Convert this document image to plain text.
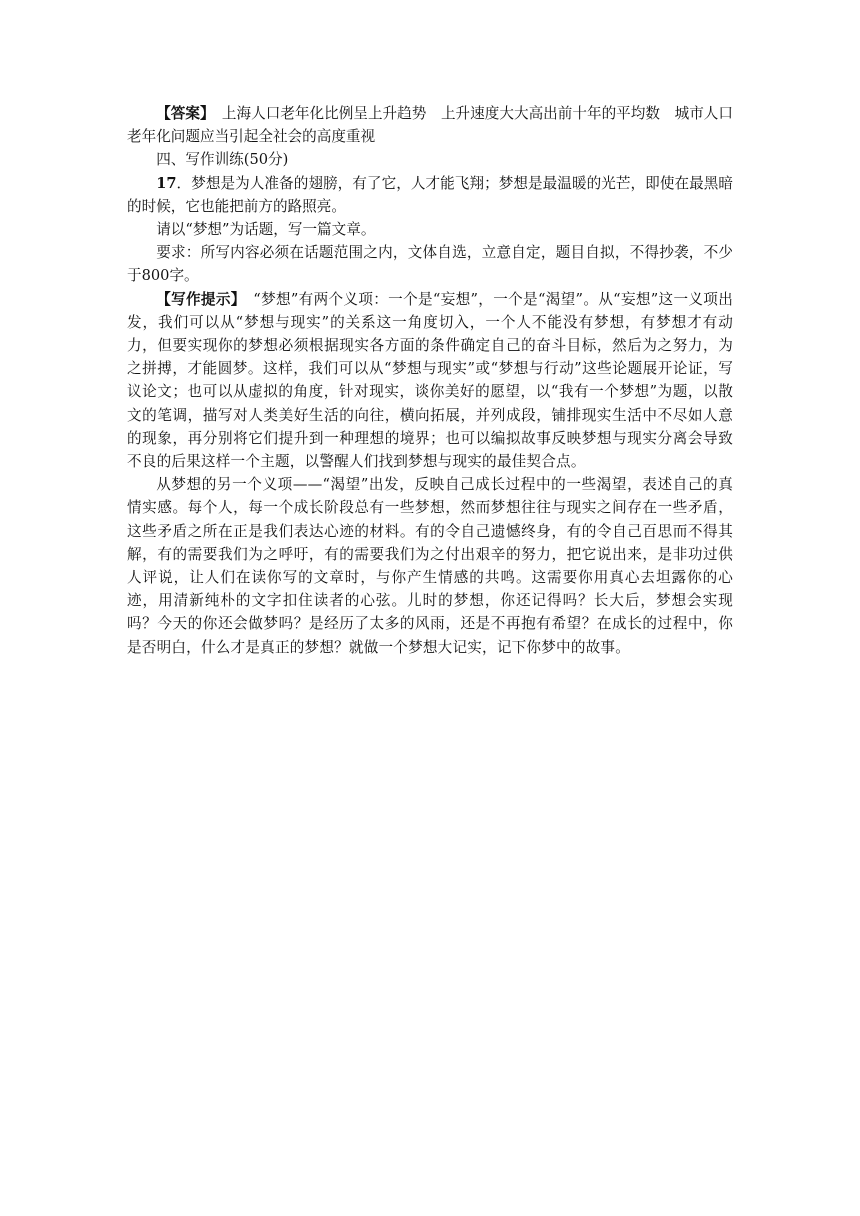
【答案】　上海人口老年化比例呈上升趋势　上升速度大大高出前十年的平均数　城市人口老年化问题应当引起全社会的高度重视

四、写作训练(50分)

17．梦想是为人准备的翅膀，有了它，人才能飞翔；梦想是最温暖的光芒，即使在最黑暗的时候，它也能把前方的路照亮。

请以“梦想”为话题，写一篇文章。

要求：所写内容必须在话题范围之内，文体自选，立意自定，题目自拟，不得抄袭，不少于800字。

【写作提示】　“梦想”有两个义项：一个是“妄想”，一个是“渴望”。从“妄想”这一义项出发，我们可以从“梦想与现实”的关系这一角度切入，一个人不能没有梦想，有梦想才有动力，但要实现你的梦想必须根据现实各方面的条件确定自己的奋斗目标，然后为之努力，为之拼搏，才能圆梦。这样，我们可以从“梦想与现实”或“梦想与行动”这些论题展开论证，写议论文；也可以从虚拟的角度，针对现实，谈你美好的愿望，以“我有一个梦想”为题，以散文的笔调，描写对人类美好生活的向往，横向拓展，并列成段，铺排现实生活中不尽如人意的现象，再分别将它们提升到一种理想的境界；也可以编拟故事反映梦想与现实分离会导致不良的后果这样一个主题，以警醒人们找到梦想与现实的最佳契合点。

从梦想的另一个义项——“渴望”出发，反映自己成长过程中的一些渴望，表述自己的真情实感。每个人，每一个成长阶段总有一些梦想，然而梦想往往与现实之间存在一些矛盾，这些矛盾之所在正是我们表达心迹的材料。有的令自己遗憾终身，有的令自己百思而不得其解，有的需要我们为之呼吁，有的需要我们为之付出艰辛的努力，把它说出来，是非功过供人评说，让人们在读你写的文章时，与你产生情感的共鸣。这需要你用真心去坦露你的心迹，用清新纯朴的文字扣住读者的心弦。儿时的梦想，你还记得吗？长大后，梦想会实现吗？今天的你还会做梦吗？是经历了太多的风雨，还是不再抱有希望？在成长的过程中，你是否明白，什么才是真正的梦想？就做一个梦想大记实，记下你梦中的故事。
